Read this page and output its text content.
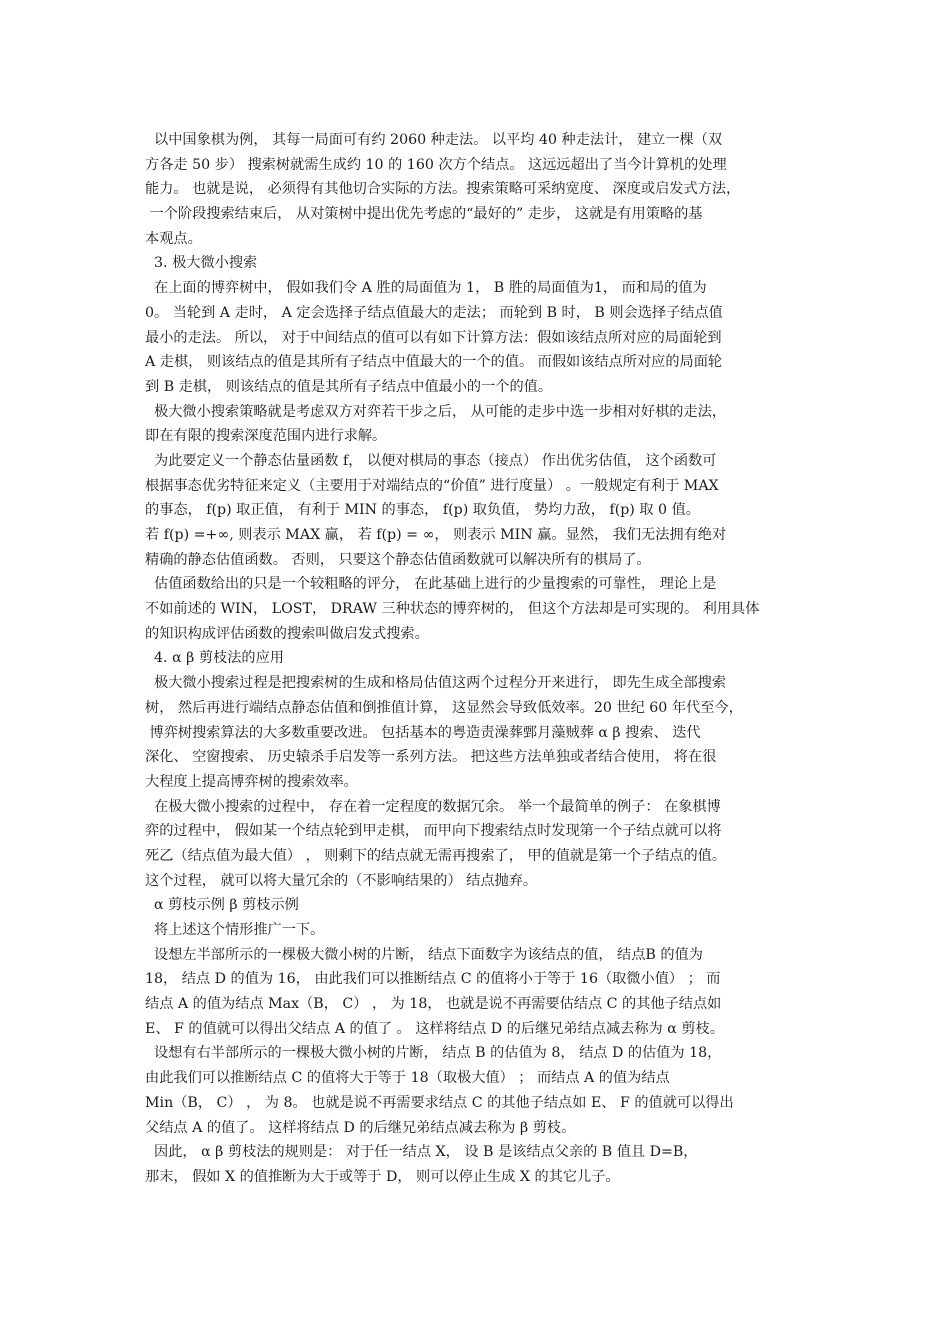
以中国象棋为例， 其每一局面可有约 2060 种走法。 以平均 40 种走法计， 建立一棵（双
方各走 50 步） 搜索树就需生成约 10 的 160 次方个结点。 这远远超出了当今计算机的处理
能力。 也就是说， 必须得有其他切合实际的方法。搜索策略可采纳宽度、 深度或启发式方法，
一个阶段搜索结束后， 从对策树中提出优先考虑的“最好的” 走步， 这就是有用策略的基
本观点。
3. 极大微小搜索
在上面的博弈树中， 假如我们令 A 胜的局面值为 1， B 胜的局面值为1， 而和局的值为
0。 当轮到 A 走时， A 定会选择子结点值最大的走法； 而轮到 B 时， B 则会选择子结点值
最小的走法。 所以， 对于中间结点的值可以有如下计算方法：假如该结点所对应的局面轮到
A 走棋， 则该结点的值是其所有子结点中值最大的一个的值。 而假如该结点所对应的局面轮
到 B 走棋， 则该结点的值是其所有子结点中值最小的一个的值。
极大微小搜索策略就是考虑双方对弈若干步之后， 从可能的走步中选一步相对好棋的走法，
即在有限的搜索深度范围内进行求解。
为此要定义一个静态估量函数 f， 以便对棋局的事态（接点） 作出优劣估值， 这个函数可
根据事态优劣特征来定义（主要用于对端结点的“价值” 进行度量） 。一般规定有利于 MAX
的事态， f(p) 取正值， 有利于 MIN 的事态， f(p) 取负值， 势均力敌， f(p) 取 0 值。
若 f(p) =+∞, 则表示 MAX 赢， 若 f(p) = ∞， 则表示 MIN 赢。显然， 我们无法拥有绝对
精确的静态估值函数。 否则， 只要这个静态估值函数就可以解决所有的棋局了。
估值函数给出的只是一个较粗略的评分， 在此基础上进行的少量搜索的可靠性， 理论上是
不如前述的 WIN， LOST， DRAW 三种状态的博弈树的， 但这个方法却是可实现的。 利用具体
的知识构成评估函数的搜索叫做启发式搜索。
4. α β 剪枝法的应用
极大微小搜索过程是把搜索树的生成和格局估值这两个过程分开来进行， 即先生成全部搜索
树， 然后再进行端结点静态估值和倒推值计算， 这显然会导致低效率。20 世纪 60 年代至今，
博弈树搜索算法的大多数重要改进。 包括基本的粤造责澡葬鄄月藻贼葬 α β 搜索、 迭代
深化、 空窗搜索、 历史辕杀手启发等一系列方法。 把这些方法单独或者结合使用， 将在很
大程度上提高博弈树的搜索效率。
在极大微小搜索的过程中， 存在着一定程度的数据冗余。 举一个最简单的例子： 在象棋博
弈的过程中， 假如某一个结点轮到甲走棋， 而甲向下搜索结点时发现第一个子结点就可以将
死乙（结点值为最大值） ， 则剩下的结点就无需再搜索了， 甲的值就是第一个子结点的值。
这个过程， 就可以将大量冗余的（不影响结果的） 结点抛弃。
α 剪枝示例 β 剪枝示例
将上述这个情形推广一下。
设想左半部所示的一棵极大微小树的片断， 结点下面数字为该结点的值， 结点B 的值为
18， 结点 D 的值为 16， 由此我们可以推断结点 C 的值将小于等于 16（取微小值） ； 而
结点 A 的值为结点 Max（B， C） ， 为 18， 也就是说不再需要估结点 C 的其他子结点如
E、 F 的值就可以得出父结点 A 的值了 。 这样将结点 D 的后继兄弟结点减去称为 α 剪枝。
设想有右半部所示的一棵极大微小树的片断， 结点 B 的估值为 8， 结点 D 的估值为 18，
由此我们可以推断结点 C 的值将大于等于 18（取极大值） ； 而结点 A 的值为结点
Min（B， C） ， 为 8。 也就是说不再需要求结点 C 的其他子结点如 E、 F 的值就可以得出
父结点 A 的值了。 这样将结点 D 的后继兄弟结点减去称为 β 剪枝。
因此， α β 剪枝法的规则是： 对于任一结点 X， 设 B 是该结点父亲的 B 值且 D=B，
那末， 假如 X 的值推断为大于或等于 D， 则可以停止生成 X 的其它儿子。
